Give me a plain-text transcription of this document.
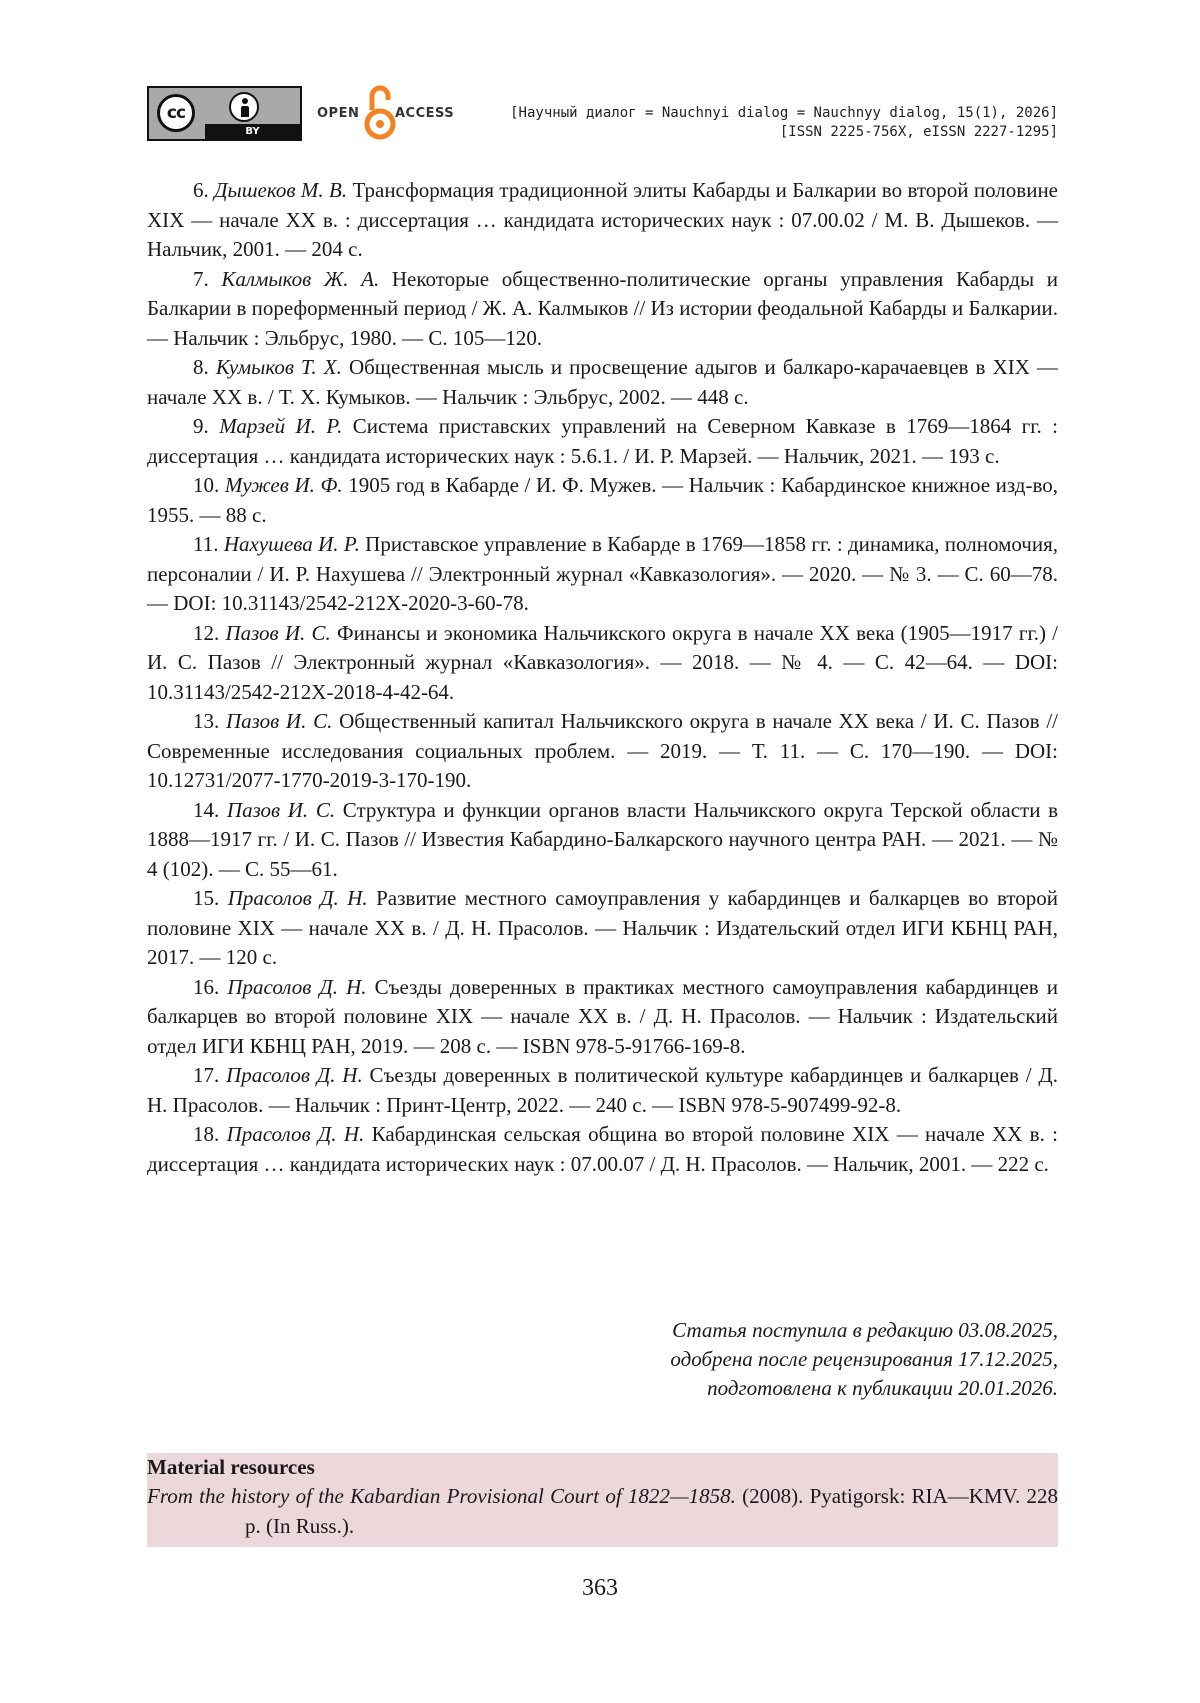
cc
BY
OPEN	ACCESS	[Научный диалог = Nauchnyi dialog = Nauchnyy dialog, 15(1), 2026]
[ISSN 2225-756X, eISSN 2227-1295]

6. Дышеков М. В. Трансформация традиционной элиты Кабарды и Балкарии во второй половине XIX — начале XX в. : диссертация … кандидата исторических наук : 07.00.02 / М. В. Дышеков. — Нальчик, 2001. — 204 с.

7. Калмыков Ж. А. Некоторые общественно-политические органы управления Кабарды и Балкарии в пореформенный период / Ж. А. Калмыков // Из истории феодальной Кабарды и Балкарии. — Нальчик : Эльбрус, 1980. — С. 105—120.

8. Кумыков Т. Х. Общественная мысль и просвещение адыгов и балкаро-карачаевцев в XIX — начале XX в. / Т. Х. Кумыков. — Нальчик : Эльбрус, 2002. — 448 с.

9. Марзей И. Р. Система приставских управлений на Северном Кавказе в 1769—1864 гг. : диссертация … кандидата исторических наук : 5.6.1. / И. Р. Марзей. — Нальчик, 2021. — 193 с.

10. Мужев И. Ф. 1905 год в Кабарде / И. Ф. Мужев. — Нальчик : Кабардинское книжное изд-во, 1955. — 88 с.

11. Нахушева И. Р. Приставское управление в Кабарде в 1769—1858 гг. : динамика, полномочия, персоналии / И. Р. Нахушева // Электронный журнал «Кавказология». — 2020. — № 3. — С. 60—78. — DOI: 10.31143/2542-212X-2020-3-60-78.

12. Пазов И. С. Финансы и экономика Нальчикского округа в начале XX века (1905—1917 гг.) / И. С. Пазов // Электронный журнал «Кавказология». — 2018. — № 4. — С. 42—64. — DOI: 10.31143/2542-212X-2018-4-42-64.

13. Пазов И. С. Общественный капитал Нальчикского округа в начале XX века / И. С. Пазов // Современные исследования социальных проблем. — 2019. — Т. 11. — С. 170—190. — DOI: 10.12731/2077-1770-2019-3-170-190.

14. Пазов И. С. Структура и функции органов власти Нальчикского округа Терской области в 1888—1917 гг. / И. С. Пазов // Известия Кабардино-Балкарского научного центра РАН. — 2021. — № 4 (102). — С. 55—61.

15. Прасолов Д. Н. Развитие местного самоуправления у кабардинцев и балкарцев во второй половине XIX — начале XX в. / Д. Н. Прасолов. — Нальчик : Издательский отдел ИГИ КБНЦ РАН, 2017. — 120 с.

16. Прасолов Д. Н. Съезды доверенных в практиках местного самоуправления кабардинцев и балкарцев во второй половине XIX — начале XX в. / Д. Н. Прасолов. — Нальчик : Издательский отдел ИГИ КБНЦ РАН, 2019. — 208 с. — ISBN 978-5-91766-169-8.

17. Прасолов Д. Н. Съезды доверенных в политической культуре кабардинцев и балкарцев / Д. Н. Прасолов. — Нальчик : Принт-Центр, 2022. — 240 с. — ISBN 978-5-907499-92-8.

18. Прасолов Д. Н. Кабардинская сельская община во второй половине XIX — начале XX в. : диссертация … кандидата исторических наук : 07.00.07 / Д. Н. Прасолов. — Нальчик, 2001. — 222 с.

Статья поступила в редакцию 03.08.2025,
одобрена после рецензирования 17.12.2025,
подготовлена к публикации 20.01.2026.
Material resources

From the history of the Kabardian Provisional Court of 1822—1858. (2008). Pyatigorsk: RIA—KMV. 228 p. (In Russ.).

363
